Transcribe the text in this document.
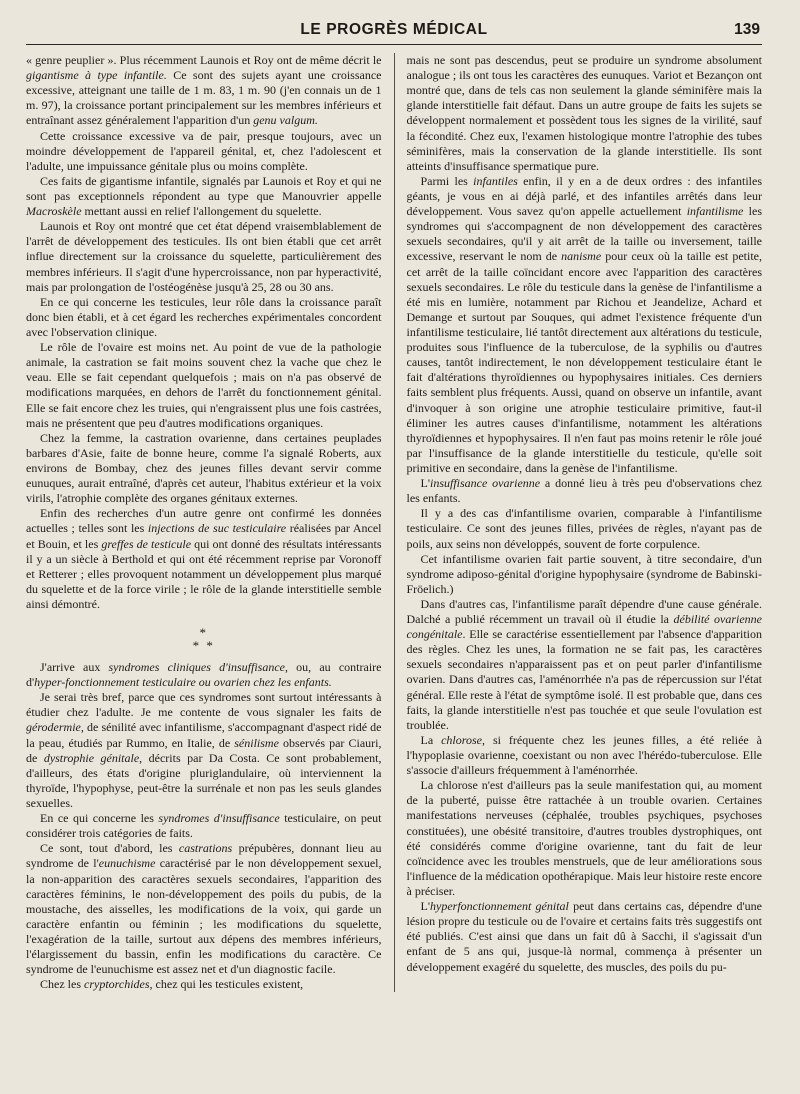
LE PROGRÈS MÉDICAL	139

« genre peuplier ». Plus récemment Launois et Roy ont de même décrit le gigantisme à type infantile. Ce sont des sujets ayant une croissance excessive, atteignant une taille de 1 m. 83, 1 m. 90 (j'en connais un de 1 m. 97), la croissance portant principalement sur les membres inférieurs et entraînant assez généralement l'apparition d'un genu valgum.

Cette croissance excessive va de pair, presque toujours, avec un moindre développement de l'appareil génital, et, chez l'adolescent et l'adulte, une impuissance génitale plus ou moins complète.

Ces faits de gigantisme infantile, signalés par Launois et Roy et qui ne sont pas exceptionnels répondent au type que Manouvrier appelle Macroskèle mettant aussi en relief l'allongement du squelette.

Launois et Roy ont montré que cet état dépend vraisemblablement de l'arrêt de développement des testicules. Ils ont bien établi que cet arrêt influe directement sur la croissance du squelette, particulièrement des membres inférieurs. Il s'agit d'une hypercroissance, non par hyperactivité, mais par prolongation de l'ostéogénèse jusqu'à 25, 28 ou 30 ans.

En ce qui concerne les testicules, leur rôle dans la croissance paraît donc bien établi, et à cet égard les recherches expérimentales concordent avec l'observation clinique.

Le rôle de l'ovaire est moins net. Au point de vue de la pathologie animale, la castration se fait moins souvent chez la vache que chez le veau. Elle se fait cependant quelquefois ; mais on n'a pas observé de modifications marquées, en dehors de l'arrêt du fonctionnement génital. Elle se fait encore chez les truies, qui n'engraissent plus une fois castrées, mais ne présentent que peu d'autres modifications organiques.

Chez la femme, la castration ovarienne, dans certaines peuplades barbares d'Asie, faite de bonne heure, comme l'a signalé Roberts, aux environs de Bombay, chez des jeunes filles devant servir comme eunuques, aurait entraîné, d'après cet auteur, l'habitus extérieur et la voix virils, l'atrophie complète des organes génitaux externes.

Enfin des recherches d'un autre genre ont confirmé les données actuelles ; telles sont les injections de suc testiculaire réalisées par Ancel et Bouin, et les greffes de testicule qui ont donné des résultats intéressants il y a un siècle à Berthold et qui ont été récemment reprise par Voronoff et Retterer ; elles provoquent notamment un développement plus marqué du squelette et de la force virile ; le rôle de la glande interstitielle semble ainsi démontré.

*
* *

J'arrive aux syndromes cliniques d'insuffisance, ou, au contraire d'hyper-fonctionnement testiculaire ou ovarien chez les enfants.

Je serai très bref, parce que ces syndromes sont surtout intéressants à étudier chez l'adulte. Je me contente de vous signaler les faits de gérodermie, de sénilité avec infantilisme, s'accompagnant d'aspect ridé de la peau, étudiés par Rummo, en Italie, de sénilisme observés par Ciauri, de dystrophie génitale, décrits par Da Costa. Ce sont probablement, d'ailleurs, des états d'origine pluriglandulaire, où interviennent la thyroïde, l'hypophyse, peut-être la surrénale et non pas les seuls glandes sexuelles.

En ce qui concerne les syndromes d'insuffisance testiculaire, on peut considérer trois catégories de faits.

Ce sont, tout d'abord, les castrations prépubères, donnant lieu au syndrome de l'eunuchisme caractérisé par le non développement sexuel, la non-apparition des caractères sexuels secondaires, l'apparition des caractères féminins, le non-développement des poils du pubis, de la moustache, des aisselles, les modifications de la voix, qui garde un caractère enfantin ou féminin ; les modifications du squelette, l'exagération de la taille, surtout aux dépens des membres inférieurs, l'élargissement du bassin, enfin les modifications du caractère. Ce syndrome de l'eunuchisme est assez net et d'un diagnostic facile.

Chez les cryptorchides, chez qui les testicules existent,

mais ne sont pas descendus, peut se produire un syndrome absolument analogue ; ils ont tous les caractères des eunuques. Variot et Bezançon ont montré que, dans de tels cas non seulement la glande séminifère mais la glande interstitielle fait défaut. Dans un autre groupe de faits les sujets se développent normalement et possèdent tous les signes de la virilité, sauf la fécondité. Chez eux, l'examen histologique montre l'atrophie des tubes séminifères, mais la conservation de la glande interstitielle. Ils sont atteints d'insuffisance spermatique pure.

Parmi les infantiles enfin, il y en a de deux ordres : des infantiles géants, je vous en ai déjà parlé, et des infantiles arrêtés dans leur développement. Vous savez qu'on appelle actuellement infantilisme les syndromes qui s'accompagnent de non développement des caractères sexuels secondaires, qu'il y ait arrêt de la taille ou inversement, taille excessive, reservant le nom de nanisme pour ceux où la taille est petite, cet arrêt de la taille coïncidant encore avec l'apparition des caractères sexuels secondaires. Le rôle du testicule dans la genèse de l'infantilisme a été mis en lumière, notamment par Richou et Jeandelize, Achard et Demange et surtout par Souques, qui admet l'existence fréquente d'un infantilisme testiculaire, lié tantôt directement aux altérations du testicule, produites sous l'influence de la tuberculose, de la syphilis ou d'autres causes, tantôt indirectement, le non développement testiculaire étant le fait d'altérations thyroïdiennes ou hypophysaires initiales. Ces derniers faits semblent plus fréquents. Aussi, quand on observe un infantile, avant d'invoquer à son origine une atrophie testiculaire primitive, faut-il éliminer les autres causes d'infantilisme, notamment les altérations thyroïdiennes et hypophysaires. Il n'en faut pas moins retenir le rôle joué par l'insuffisance de la glande interstitielle du testicule, qu'elle soit primitive en secondaire, dans la genèse de l'infantilisme.

L'insuffisance ovarienne a donné lieu à très peu d'observations chez les enfants.

Il y a des cas d'infantilisme ovarien, comparable à l'infantilisme testiculaire. Ce sont des jeunes filles, privées de règles, n'ayant pas de poils, aux seins non développés, souvent de forte corpulence.

Cet infantilisme ovarien fait partie souvent, à titre secondaire, d'un syndrome adiposo-génital d'origine hypophysaire (syndrome de Babinski-Fröelich.)

Dans d'autres cas, l'infantilisme paraît dépendre d'une cause générale. Dalché a publié récemment un travail où il étudie la débilité ovarienne congénitale. Elle se caractérise essentiellement par l'absence d'apparition des règles. Chez les unes, la formation ne se fait pas, les caractères sexuels secondaires n'apparaissent pas et on peut parler d'infantilisme ovarien. Dans d'autres cas, l'aménorrhée n'a pas de répercussion sur l'état général. Elle reste à l'état de symptôme isolé. Il est probable que, dans ces faits, la glande interstitielle n'est pas touchée et que seule l'ovulation est troublée.

La chlorose, si fréquente chez les jeunes filles, a été reliée à l'hypoplasie ovarienne, coexistant ou non avec l'hérédo-tuberculose. Elle s'associe d'ailleurs fréquemment à l'aménorrhée.

La chlorose n'est d'ailleurs pas la seule manifestation qui, au moment de la puberté, puisse être rattachée à un trouble ovarien. Certaines manifestations nerveuses (céphalée, troubles psychiques, psychoses constituées), une obésité transitoire, d'autres troubles dystrophiques, ont été considérés comme d'origine ovarienne, tant du fait de leur coïncidence avec les troubles menstruels, que de leur améliorations sous l'influence de la médication opothérapique. Mais leur histoire reste encore à préciser.

L'hyperfonctionnement génital peut dans certains cas, dépendre d'une lésion propre du testicule ou de l'ovaire et certains faits très suggestifs ont été publiés. C'est ainsi que dans un fait dû à Sacchi, il s'agissait d'un enfant de 5 ans qui, jusque-là normal, commença à présenter un développement exagéré du squelette, des muscles, des poils du pu-
